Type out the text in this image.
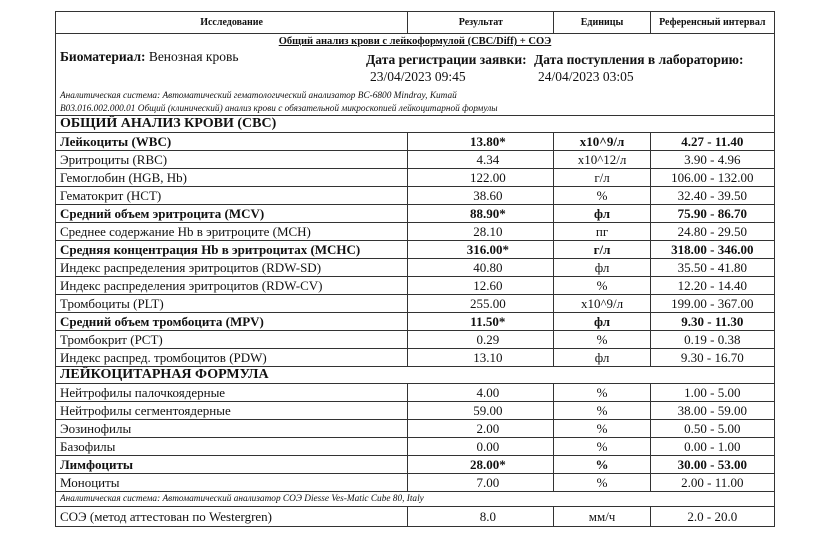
Исследование	Результат	Единицы	Референсный интервал
Общий анализ крови с лейкоформулой (CBC/Diff) + СОЭ			
Биоматериал: Венозная кровь Дата регистрации заявки:
23/04/2023 09:45
Дата поступления в лабораторию:
24/04/2023 03:05			

Аналитическая система: Автоматический гематологический анализатор BC-6800 Mindray, Китай			
B03.016.002.000.01 Общий (клинический) анализ крови с обязательной микроскопией лейкоцитарной формулы			
ОБЩИЙ АНАЛИЗ КРОВИ (CBC)			
Лейкоциты (WBC)	13.80*	x10^9/л	4.27 - 11.40
Эритроциты (RBC)	4.34	x10^12/л	3.90 - 4.96
Гемоглобин (HGB, Hb)	122.00	г/л	106.00 - 132.00
Гематокрит (HCT)	38.60	%	32.40 - 39.50
Средний объем эритроцита (MCV)	88.90*	фл	75.90 - 86.70
Среднее содержание Hb в эритроците (MCH)	28.10	пг	24.80 - 29.50
Средняя концентрация Hb в эритроцитах (MCHC)	316.00*	г/л	318.00 - 346.00
Индекс распределения эритроцитов (RDW-SD)	40.80	фл	35.50 - 41.80
Индекс распределения эритроцитов (RDW-CV)	12.60	%	12.20 - 14.40
Тромбоциты (PLT)	255.00	x10^9/л	199.00 - 367.00
Средний объем тромбоцита (MPV)	11.50*	фл	9.30 - 11.30
Тромбокрит (PCT)	0.29	%	0.19 - 0.38
Индекс распред. тромбоцитов (PDW)	13.10	фл	9.30 - 16.70
ЛЕЙКОЦИТАРНАЯ ФОРМУЛА			
Нейтрофилы палочкоядерные	4.00	%	1.00 - 5.00
Нейтрофилы сегментоядерные	59.00	%	38.00 - 59.00
Эозинофилы	2.00	%	0.50 - 5.00
Базофилы	0.00	%	0.00 - 1.00
Лимфоциты	28.00*	%	30.00 - 53.00
Моноциты	7.00	%	2.00 - 11.00
Аналитическая система: Автоматический анализатор СОЭ Diesse Ves-Matic Cube 80, Italy			
СОЭ (метод аттестован по Westergren)	8.0	мм/ч	2.0 - 20.0
